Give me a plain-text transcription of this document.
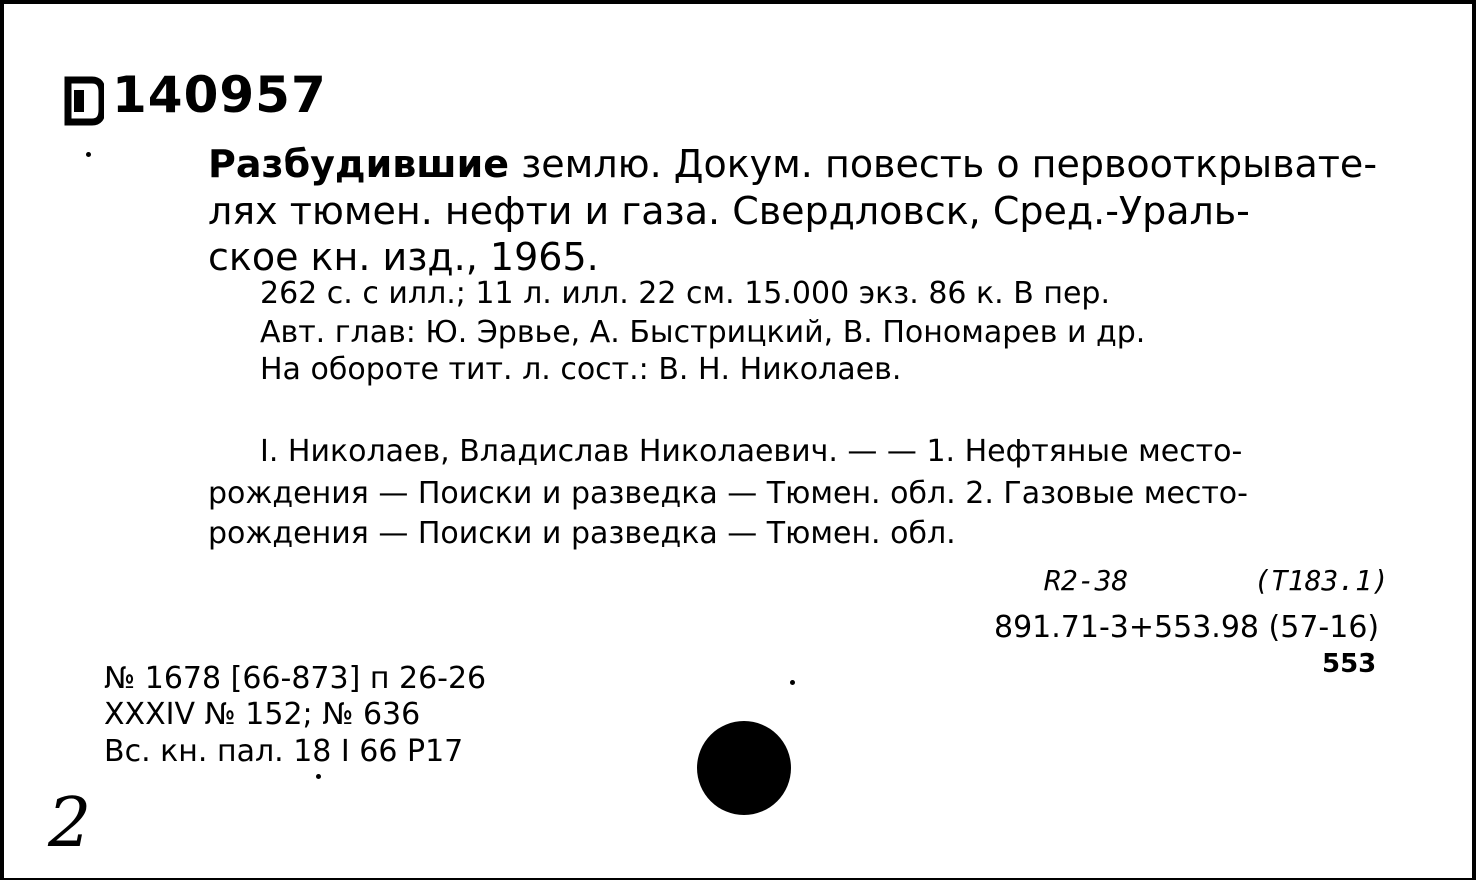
140957
Разбудившие землю. Докум. повесть о первооткрывате-
лях тюмен. нефти и газа. Свердловск, Сред.-Ураль-
ское кн. изд., 1965.
262 с. с илл.; 11 л. илл. 22 см. 15.000 экз. 86 к. В пер.
Авт. глав: Ю. Эрвье, А. Быстрицкий, В. Пономарев и др.
На обороте тит. л. сост.: В. Н. Николаев.
I. Николаев, Владислав Николаевич. — — 1. Нефтяные место-
рождения — Поиски и разведка — Тюмен. обл. 2. Газовые место-
рождения — Поиски и разведка — Тюмен. обл.
R2-38	(T183.1)
891.71-3+553.98 (57-16)
553
№ 1678 [66-873] п 26-26
XXXIV № 152; № 636
Вс. кн. пал. 18 I 66 P17
2
